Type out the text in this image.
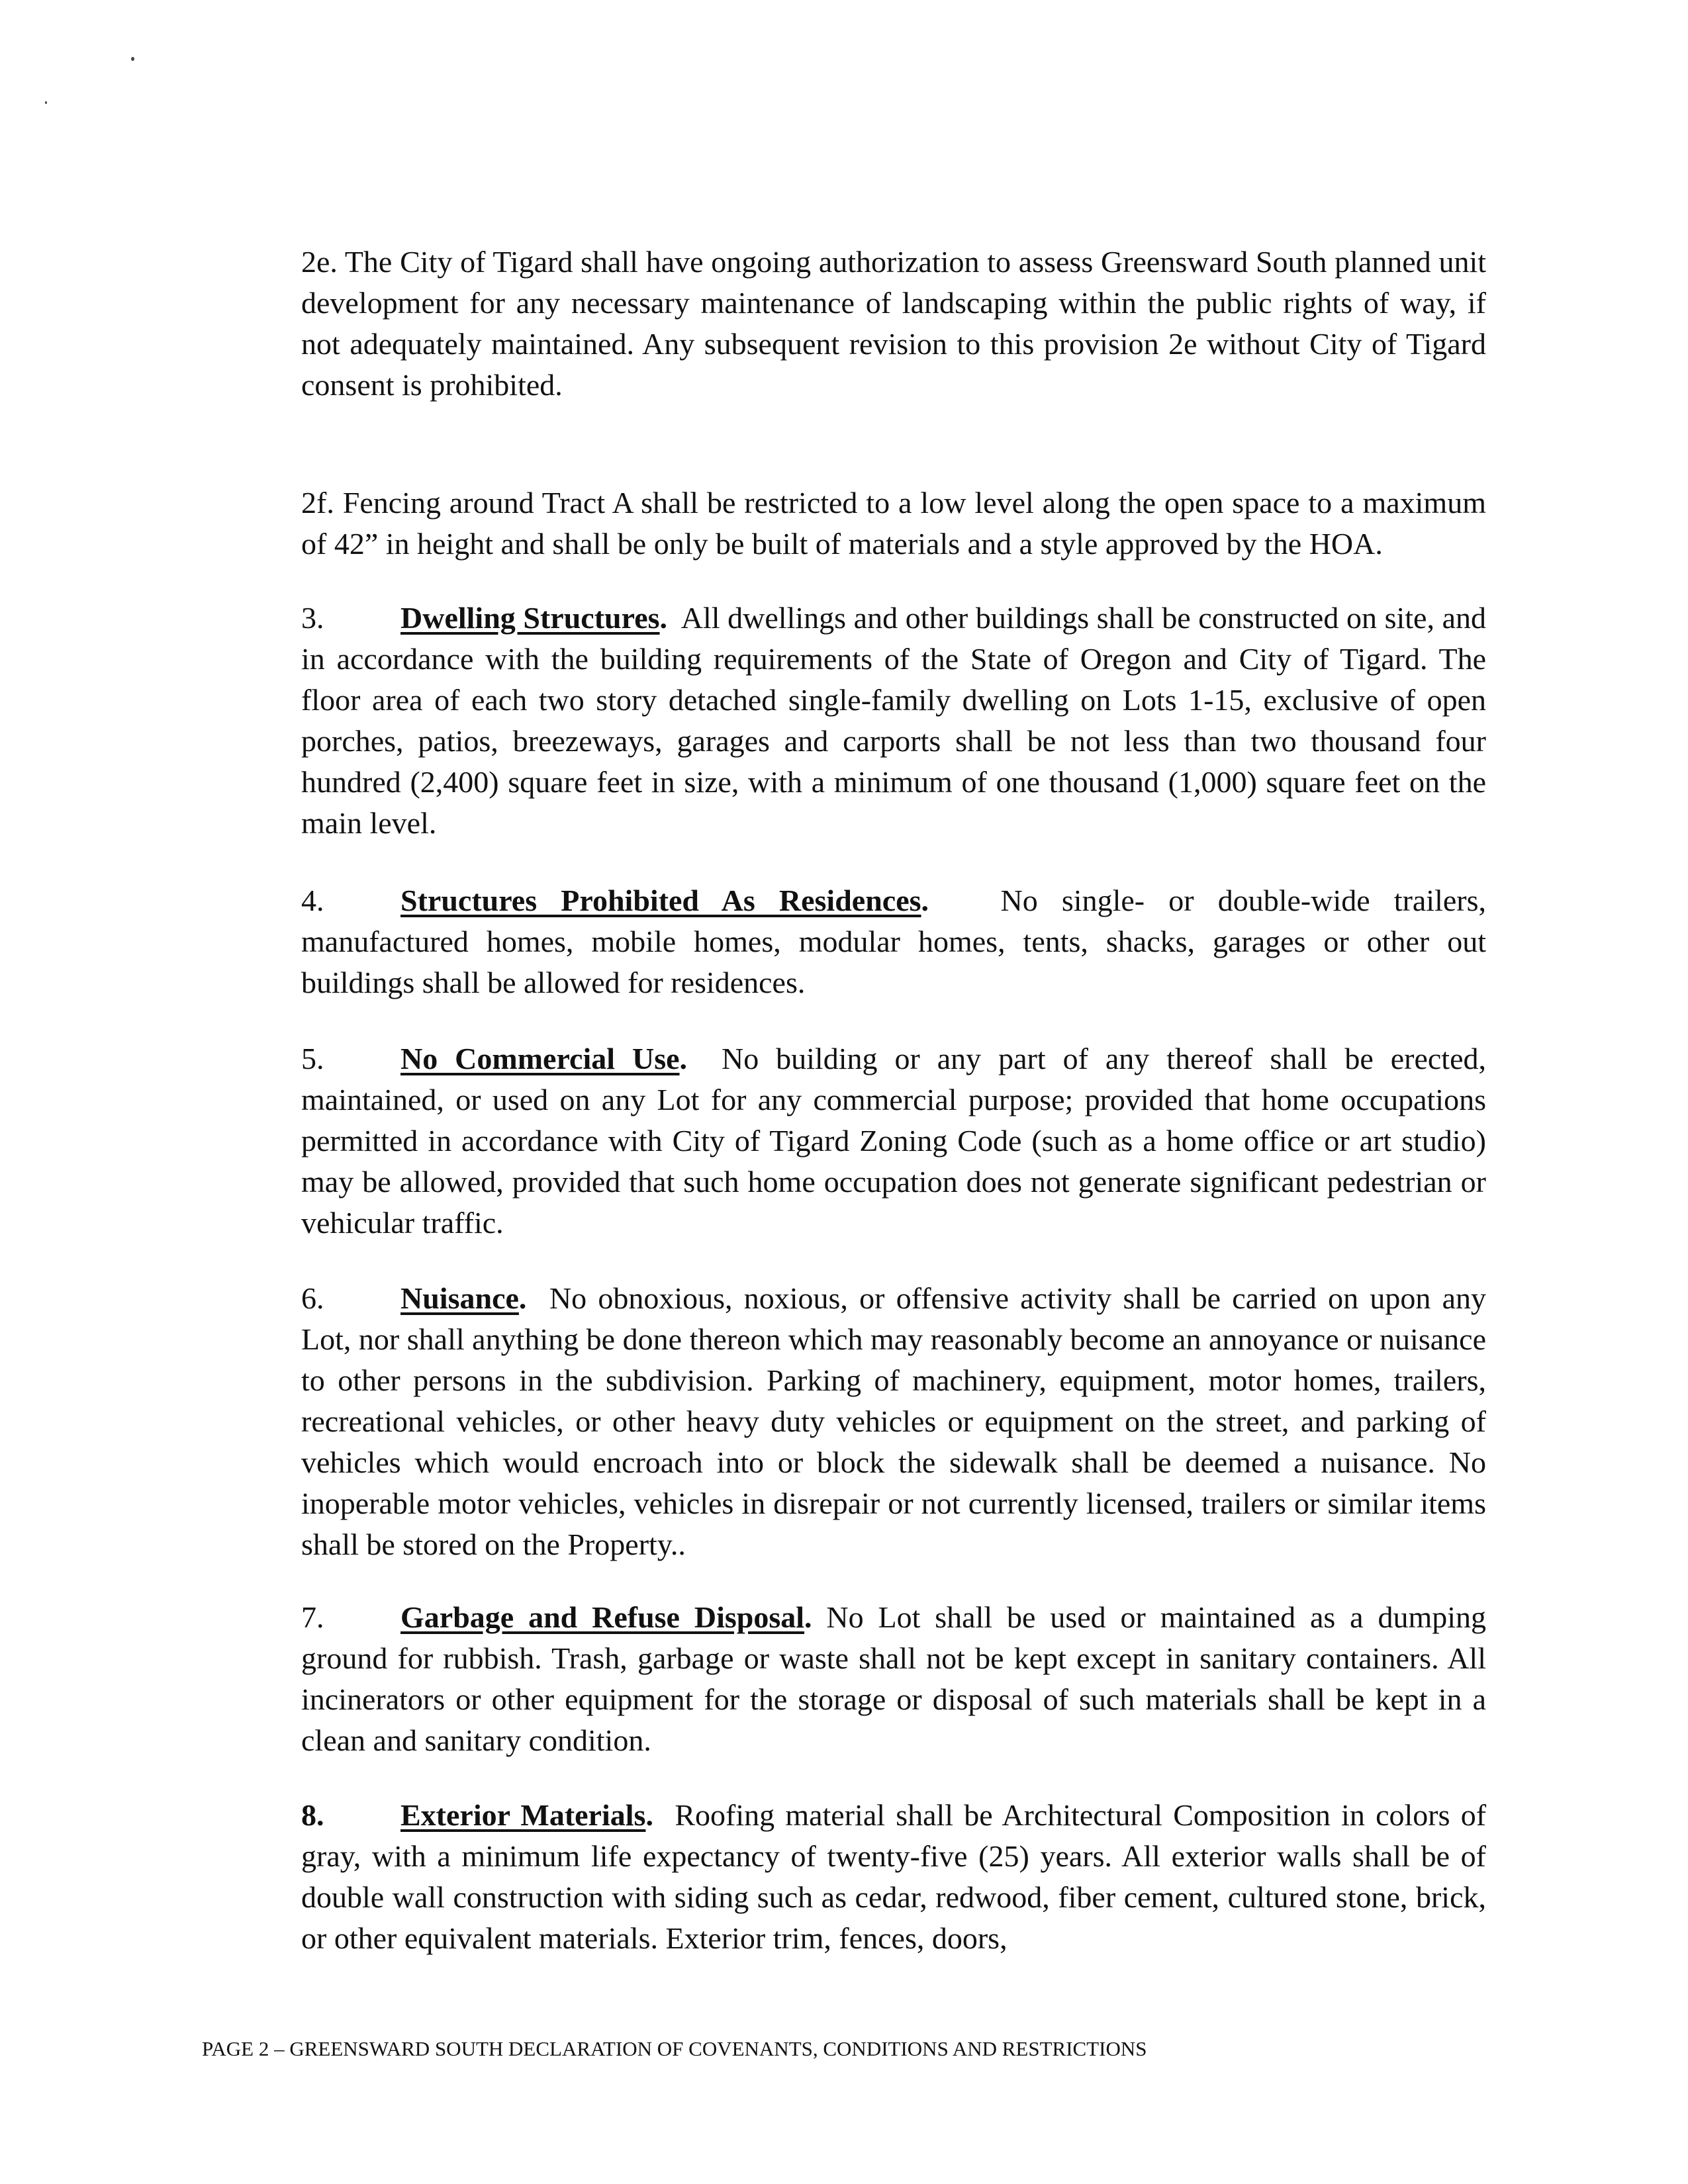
2e. The City of Tigard shall have ongoing authorization to assess Greensward South planned unit development for any necessary maintenance of landscaping within the public rights of way, if not adequately maintained. Any subsequent revision to this provision 2e without City of Tigard consent is prohibited.

2f. Fencing around Tract A shall be restricted to a low level along the open space to a maximum of 42” in height and shall be only be built of materials and a style approved by the HOA.

3.	Dwelling Structures. All dwellings and other buildings shall be constructed on site, and in accordance with the building requirements of the State of Oregon and City of Tigard. The floor area of each two story detached single-family dwelling on Lots 1-15, exclusive of open porches, patios, breezeways, garages and carports shall be not less than two thousand four hundred (2,400) square feet in size, with a minimum of one thousand (1,000) square feet on the main level.

4.	Structures Prohibited As Residences. No single- or double-wide trailers, manufactured homes, mobile homes, modular homes, tents, shacks, garages or other out buildings shall be allowed for residences.

5.	No Commercial Use. No building or any part of any thereof shall be erected, maintained, or used on any Lot for any commercial purpose; provided that home occupations permitted in accordance with City of Tigard Zoning Code (such as a home office or art studio) may be allowed, provided that such home occupation does not generate significant pedestrian or vehicular traffic.

6.	Nuisance. No obnoxious, noxious, or offensive activity shall be carried on upon any Lot, nor shall anything be done thereon which may reasonably become an annoyance or nuisance to other persons in the subdivision. Parking of machinery, equipment, motor homes, trailers, recreational vehicles, or other heavy duty vehicles or equipment on the street, and parking of vehicles which would encroach into or block the sidewalk shall be deemed a nuisance. No inoperable motor vehicles, vehicles in disrepair or not currently licensed, trailers or similar items shall be stored on the Property..

7.	Garbage and Refuse Disposal. No Lot shall be used or maintained as a dumping ground for rubbish. Trash, garbage or waste shall not be kept except in sanitary containers. All incinerators or other equipment for the storage or disposal of such materials shall be kept in a clean and sanitary condition.

8.	Exterior Materials. Roofing material shall be Architectural Composition in colors of gray, with a minimum life expectancy of twenty-five (25) years. All exterior walls shall be of double wall construction with siding such as cedar, redwood, fiber cement, cultured stone, brick, or other equivalent materials. Exterior trim, fences, doors,

PAGE 2 – GREENSWARD SOUTH DECLARATION OF COVENANTS, CONDITIONS AND RESTRICTIONS
